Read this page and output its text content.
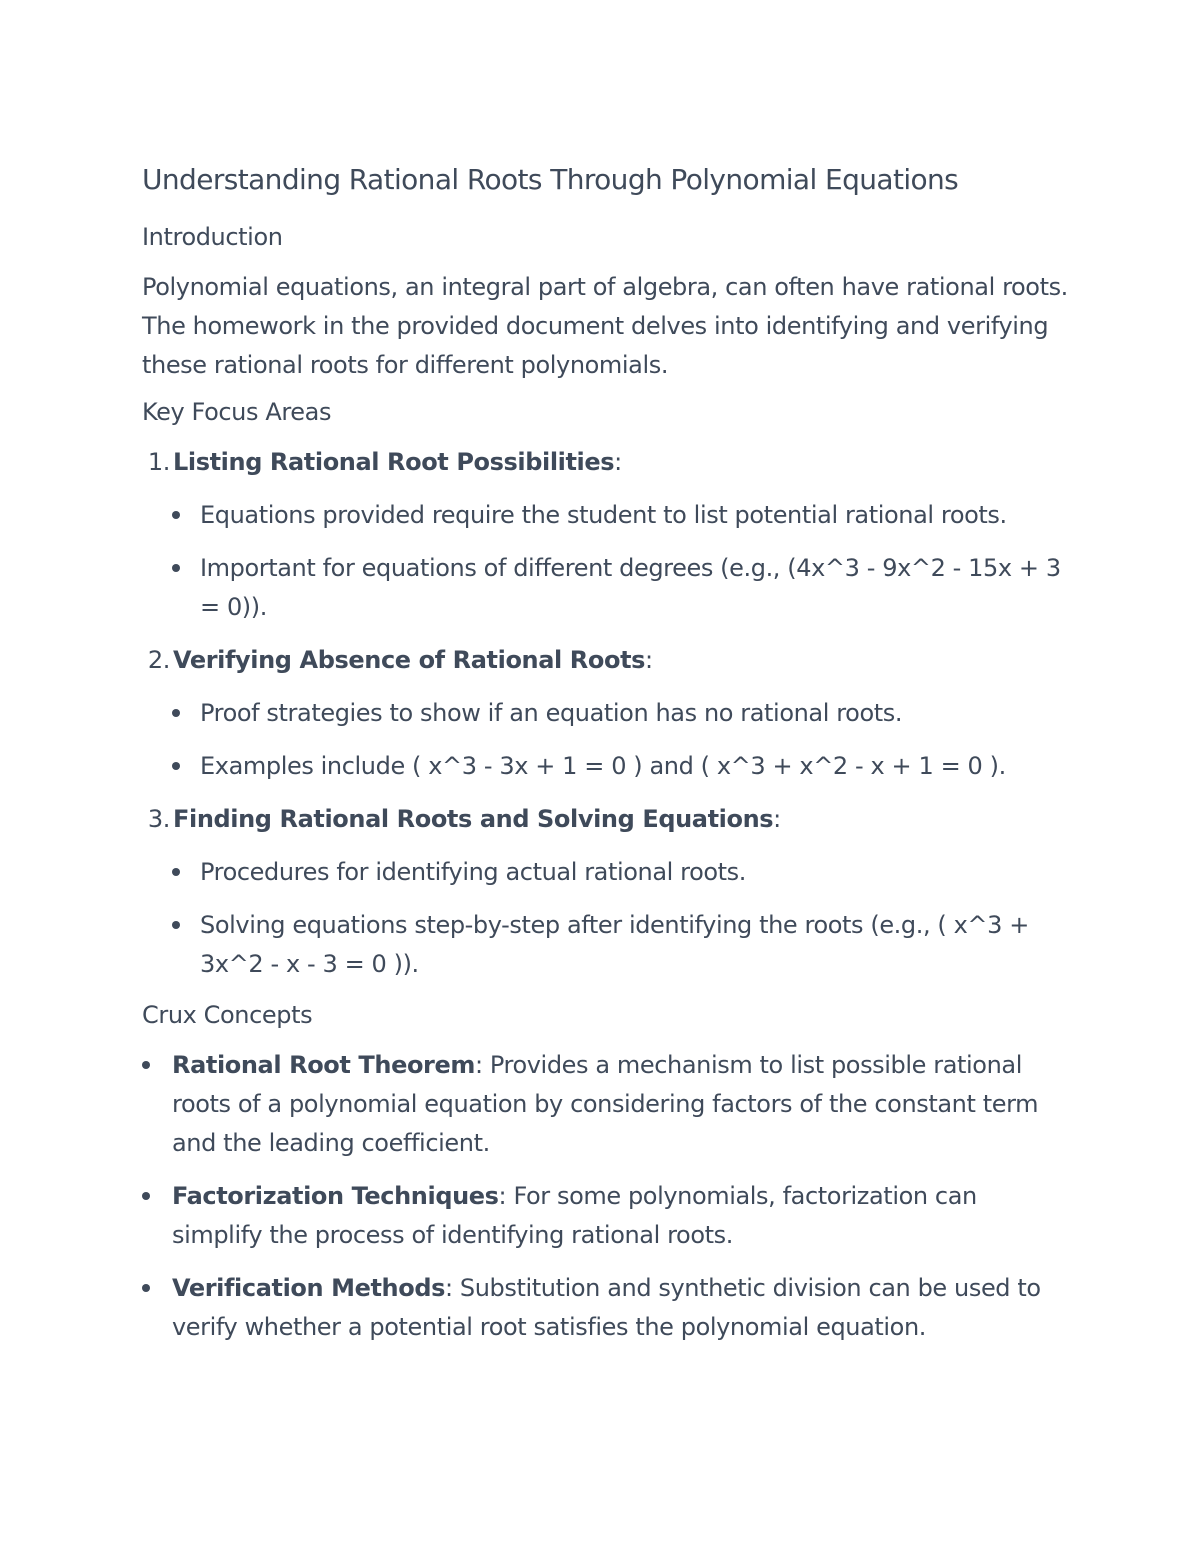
Understanding Rational Roots Through Polynomial Equations
Introduction

Polynomial equations, an integral part of algebra, can often have rational roots. The homework in the provided document delves into identifying and verifying these rational roots for different polynomials.

Key Focus Areas
1. Listing Rational Root Possibilities:
Equations provided require the student to list potential rational roots.
Important for equations of different degrees (e.g., (4x^3 - 9x^2 - 15x + 3 = 0)).
2. Verifying Absence of Rational Roots:
Proof strategies to show if an equation has no rational roots.
Examples include ( x^3 - 3x + 1 = 0 ) and ( x^3 + x^2 - x + 1 = 0 ).
3. Finding Rational Roots and Solving Equations:
Procedures for identifying actual rational roots.
Solving equations step-by-step after identifying the roots (e.g., ( x^3 + 3x^2 - x - 3 = 0 )).
Crux Concepts
Rational Root Theorem: Provides a mechanism to list possible rational roots of a polynomial equation by considering factors of the constant term and the leading coefficient.
Factorization Techniques: For some polynomials, factorization can simplify the process of identifying rational roots.
Verification Methods: Substitution and synthetic division can be used to verify whether a potential root satisfies the polynomial equation.
